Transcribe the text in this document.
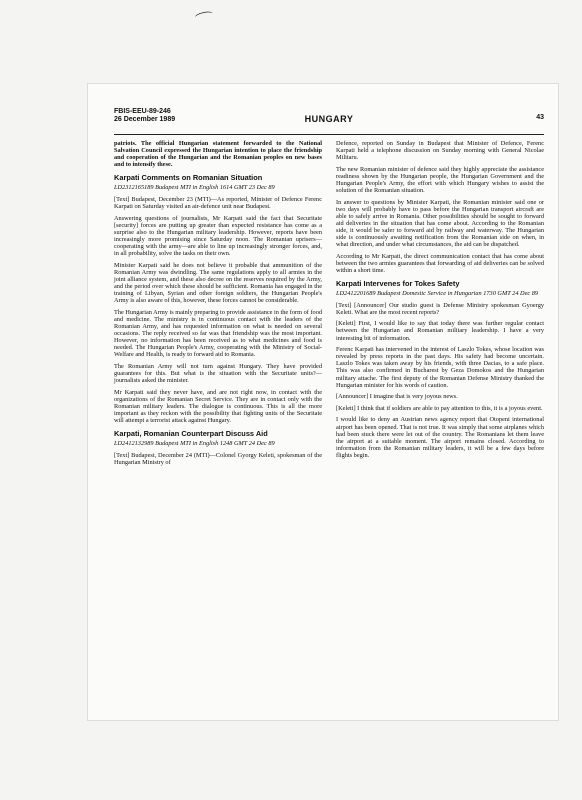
FBIS-EEU-89-246
26 December 1989	HUNGARY	43

patriots. The official Hungarian statement forwarded to the National Salvation Council expressed the Hungarian intention to place the friendship and cooperation of the Hungarian and the Romanian peoples on new bases and to intensify these.

Karpati Comments on Romanian Situation

LD2312165189 Budapest MTI in English 1614 GMT 23 Dec 89

[Text] Budapest, December 23 (MTI)—As reported, Minister of Defence Ferenc Karpati on Saturday visited an air-defence unit near Budapest.

Answering questions of journalists, Mr Karpati said the fact that Securitate [security] forces are putting up greater than expected resistance has come as a surprise also to the Hungarian military leadership. However, reports have been increasingly more promising since Saturday noon. The Romanian uprisers—cooperating with the army—are able to line up increasingly stronger forces, and, in all probability, solve the tasks on their own.

Minister Karpati said he does not believe it probable that ammunition of the Romanian Army was dwindling. The same regulations apply to all armies in the joint alliance system, and these also decree on the reserves required by the Army, and the period over which these should be sufficient. Romania has engaged in the training of Libyan, Syrian and other foreign soldiers, the Hungarian People's Army is also aware of this, however, these forces cannot be considerable.

The Hungarian Army is mainly preparing to provide assistance in the form of food and medicine. The ministry is in continuous contact with the leaders of the Romanian Army, and has requested information on what is needed on several occasions. The reply received so far was that friendship was the most important. However, no information has been received as to what medicines and food is needed. The Hungarian People's Army, cooperating with the Ministry of Social-Welfare and Health, is ready to forward aid to Romania.

The Romanian Army will not turn against Hungary. They have provided guarantees for this. But what is the situation with the Securitate units?—journalists asked the minister.

Mr Karpati said they never have, and are not right now, in contact with the organizations of the Romanian Secret Service. They are in contact only with the Romanian military leaders. The dialogue is continuous. This is all the more important as they reckon with the possibility that fighting units of the Securitate will attempt a terrorist attack against Hungary.

Karpati, Romanian Counterpart Discuss Aid

LD2412132989 Budapest MTI in English 1248 GMT 24 Dec 89

[Text] Budapest, December 24 (MTI)—Colonel Gyorgy Keleti, spokesman of the Hungarian Ministry of

Defence, reported on Sunday in Budapest that Minister of Defence, Ferenc Karpati held a telephone discussion on Sunday morning with General Nicolae Militaru.

The new Romanian minister of defence said they highly appreciate the assistance readiness shown by the Hungarian people, the Hungarian Government and the Hungarian People's Army, the effort with which Hungary wishes to assist the solution of the Romanian situation.

In answer to questions by Minister Karpati, the Romanian minister said one or two days will probably have to pass before the Hungarian transport aircraft are able to safely arrive in Romania. Other possibilities should be sought to forward aid deliveries in the situation that has come about. According to the Romanian side, it would be safer to forward aid by railway and waterway. The Hungarian side is continuously awaiting notification from the Romanian side on when, in what direction, and under what circumstances, the aid can be dispatched.

According to Mr Karpati, the direct communication contact that has come about between the two armies guarantees that forwarding of aid deliveries can be solved within a short time.

Karpati Intervenes for Tokes Safety

LD2412201689 Budapest Domestic Service in Hungarian 1730 GMT 24 Dec 89

[Text] [Announcer] Our studio guest is Defense Ministry spokesman Gyoergy Keleti. What are the most recent reports?

[Keleti] First, I would like to say that today there was further regular contact between the Hungarian and Romanian military leadership. I have a very interesting bit of information.

Ferenc Karpati has intervened in the interest of Laszlo Tokes, whose location was revealed by press reports in the past days. His safety had become uncertain. Laszlo Tokes was taken away by his friends, with three Dacias, to a safe place. This was also confirmed in Bucharest by Geza Domokos and the Hungarian military attache. The first deputy of the Romanian Defense Ministry thanked the Hungarian minister for his words of caution.

[Announcer] I imagine that is very joyous news.

[Keleti] I think that if soldiers are able to pay attention to this, it is a joyous event.

I would like to deny an Austrian news agency report that Otopeni international airport has been opened. That is not true. It was simply that some airplanes which had been stuck there were let out of the country. The Romanians let them leave the airport at a suitable moment. The airport remains closed. According to information from the Romanian military leaders, it will be a few days before flights begin.
